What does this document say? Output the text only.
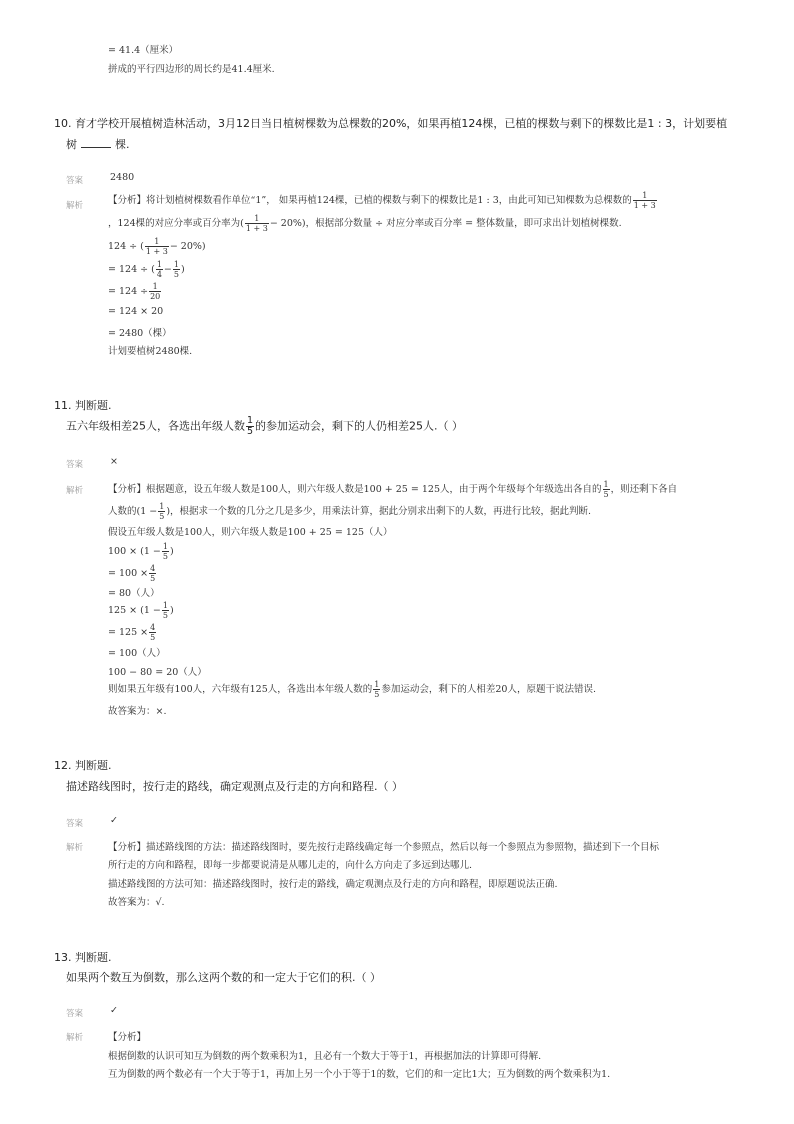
= 41.4（厘米）
拼成的平行四边形的周长约是41.4厘米.
10. 育才学校开展植树造林活动，3月12日当日植树棵数为总棵数的20%，如果再植124棵，已植的棵数与剩下的棵数比是1 : 3，计划要植
树	棵.
答案	2480
解析	【分析】将计划植树棵数看作单位“1”， 如果再植124棵，已植的棵数与剩下的棵数比是1 : 3，由此可知已知棵数为总棵数的 $\frac{1}{1 + 3}$
，124棵的对应分率或百分率为( $\frac{1}{1 + 3} - 20\%$)，根据部分数量 ÷ 对应分率或百分率 = 整体数量，即可求出计划植树棵数.
124 ÷ ( $\frac{1}{1 + 3} - 20\%$)
= 124 ÷ ( $\frac{1}{4} - \frac{1}{5}$ )
= $124 \div \frac{1}{20}$
= 124 × 20
= 2480（棵）
计划要植树2480棵.
11. 判断题.
五六年级相差25人，各选出年级人数 $\frac{1}{5}$ 的参加运动会，剩下的人仍相差25人.（ ）
答案	×
解析	【分析】根据题意，设五年级人数是100人，则六年级人数是100 + 25 = 125人，由于两个年级每个年级选出各自的 $\frac{1}{5}$ ，则还剩下各自
人数的($1 - \frac{1}{5}$ )，根据求一个数的几分之几是多少，用乘法计算，据此分别求出剩下的人数，再进行比较，据此判断.
假设五年级人数是100人，则六年级人数是100 + 25 = 125（人）
$100 \times (1 - \frac{1}{5}$ )
= $100 \times \frac{4}{5}$
= 80（人）
$125 \times (1 - \frac{1}{5}$ )
= $125 \times \frac{4}{5}$
= 100（人）
100 − 80 = 20（人）
则如果五年级有100人，六年级有125人，各选出本年级人数的 $\frac{1}{5}$ 参加运动会，剩下的人相差20人，原题干说法错误.
故答案为：×.
12. 判断题.
描述路线图时，按行走的路线，确定观测点及行走的方向和路程.（ ）
答案	✓
解析	【分析】描述路线图的方法：描述路线图时，要先按行走路线确定每一个参照点，然后以每一个参照点为参照物，描述到下一个目标
所行走的方向和路程，即每一步都要说清是从哪儿走的，向什么方向走了多远到达哪儿.
描述路线图的方法可知：描述路线图时，按行走的路线，确定观测点及行走的方向和路程，即原题说法正确.
故答案为：√.
13. 判断题.
如果两个数互为倒数，那么这两个数的和一定大于它们的积.（ ）
答案	✓
解析	【分析】
根据倒数的认识可知互为倒数的两个数乘积为1，且必有一个数大于等于1，再根据加法的计算即可得解.
互为倒数的两个数必有一个大于等于1，再加上另一个小于等于1的数，它们的和一定比1大；互为倒数的两个数乘积为1.
